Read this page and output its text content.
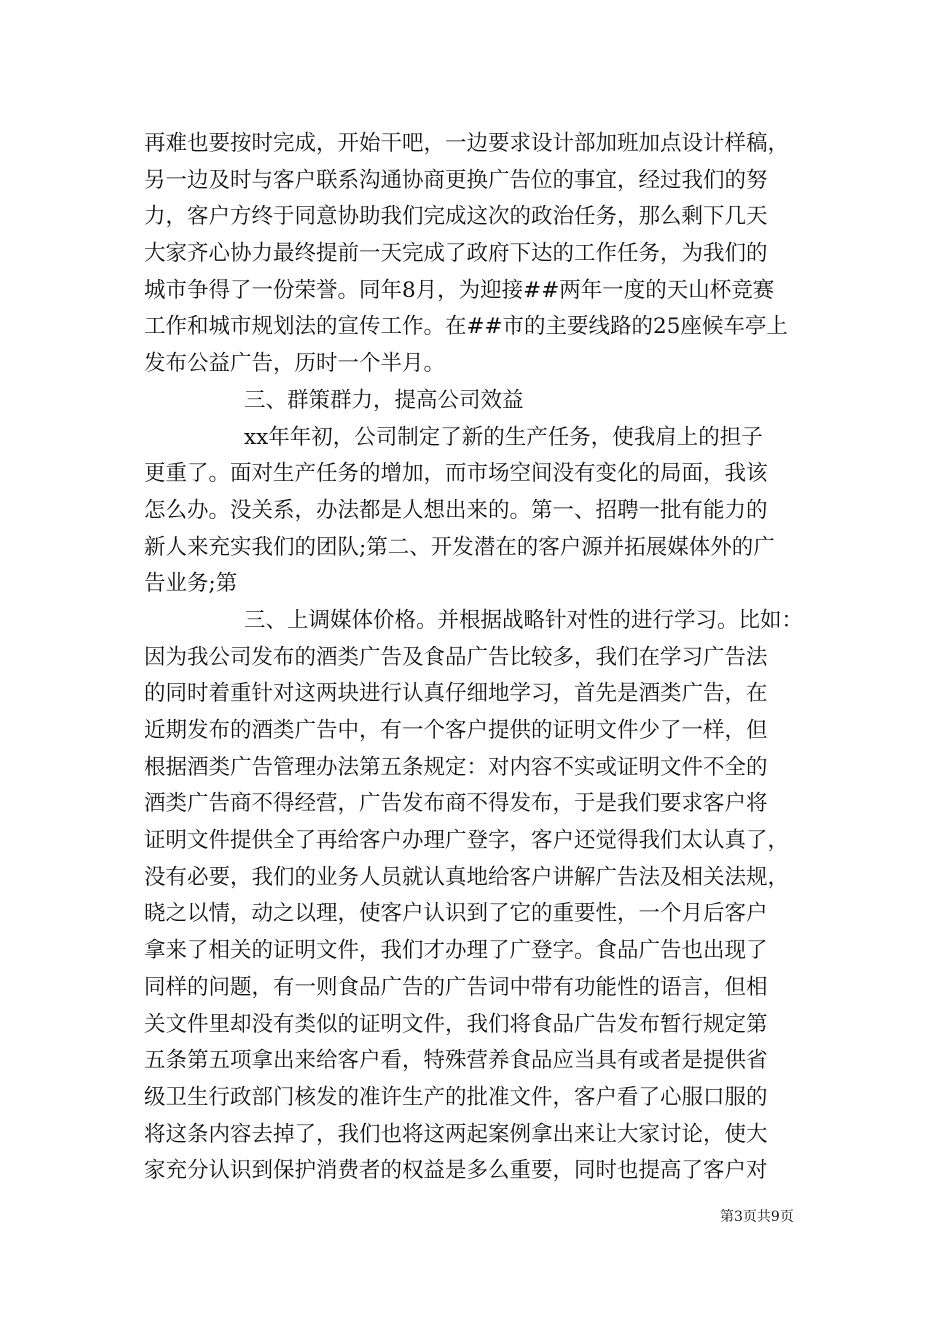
再难也要按时完成，开始干吧，一边要求设计部加班加点设计样稿，
另一边及时与客户联系沟通协商更换广告位的事宜，经过我们的努
力，客户方终于同意协助我们完成这次的政治任务，那么剩下几天
大家齐心协力最终提前一天完成了政府下达的工作任务，为我们的
城市争得了一份荣誉。同年8月，为迎接##两年一度的天山杯竞赛
工作和城市规划法的宣传工作。在##市的主要线路的25座候车亭上
发布公益广告，历时一个半月。
三、群策群力，提高公司效益
xx年年初，公司制定了新的生产任务，使我肩上的担子
更重了。面对生产任务的增加，而市场空间没有变化的局面，我该
怎么办。没关系，办法都是人想出来的。第一、招聘一批有能力的
新人来充实我们的团队;第二、开发潜在的客户源并拓展媒体外的广
告业务;第
三、上调媒体价格。并根据战略针对性的进行学习。比如：
因为我公司发布的酒类广告及食品广告比较多，我们在学习广告法
的同时着重针对这两块进行认真仔细地学习，首先是酒类广告，在
近期发布的酒类广告中，有一个客户提供的证明文件少了一样，但
根据酒类广告管理办法第五条规定：对内容不实或证明文件不全的
酒类广告商不得经营，广告发布商不得发布，于是我们要求客户将
证明文件提供全了再给客户办理广登字，客户还觉得我们太认真了，
没有必要，我们的业务人员就认真地给客户讲解广告法及相关法规，
晓之以情，动之以理，使客户认识到了它的重要性，一个月后客户
拿来了相关的证明文件，我们才办理了广登字。食品广告也出现了
同样的问题，有一则食品广告的广告词中带有功能性的语言，但相
关文件里却没有类似的证明文件，我们将食品广告发布暂行规定第
五条第五项拿出来给客户看，特殊营养食品应当具有或者是提供省
级卫生行政部门核发的准许生产的批准文件，客户看了心服口服的
将这条内容去掉了，我们也将这两起案例拿出来让大家讨论，使大
家充分认识到保护消费者的权益是多么重要，同时也提高了客户对
第3页共9页
